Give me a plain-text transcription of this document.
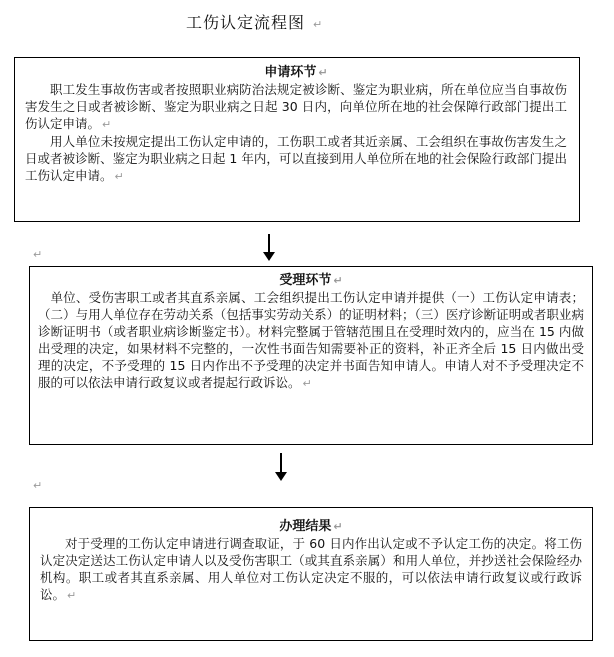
工伤认定流程图 ↵

申请环节 ↵

职工发生事故伤害或者按照职业病防治法规定被诊断、鉴定为职业病，所在单位应当自事故伤害发生之日或者被诊断、鉴定为职业病之日起 30 日内，向单位所在地的社会保障行政部门提出工伤认定申请。 ↵

用人单位未按规定提出工伤认定申请的，工伤职工或者其近亲属、工会组织在事故伤害发生之日或者被诊断、鉴定为职业病之日起 1 年内，可以直接到用人单位所在地的社会保险行政部门提出工伤认定申请。 ↵

↵

受理环节 ↵

单位、受伤害职工或者其直系亲属、工会组织提出工伤认定申请并提供（一）工伤认定申请表；（二）与用人单位存在劳动关系（包括事实劳动关系）的证明材料；（三）医疗诊断证明或者职业病诊断证明书（或者职业病诊断鉴定书）。材料完整属于管辖范围且在受理时效内的，应当在 15 内做出受理的决定，如果材料不完整的，一次性书面告知需要补正的资料，补正齐全后 15 日内做出受理的决定，不予受理的 15 日内作出不予受理的决定并书面告知申请人。申请人对不予受理决定不服的可以依法申请行政复议或者提起行政诉讼。 ↵

↵

办理结果 ↵

对于受理的工伤认定申请进行调查取证，于 60 日内作出认定或不予认定工伤的决定。将工伤认定决定送达工伤认定申请人以及受伤害职工（或其直系亲属）和用人单位，并抄送社会保险经办机构。职工或者其直系亲属、用人单位对工伤认定决定不服的，可以依法申请行政复议或行政诉讼。 ↵
